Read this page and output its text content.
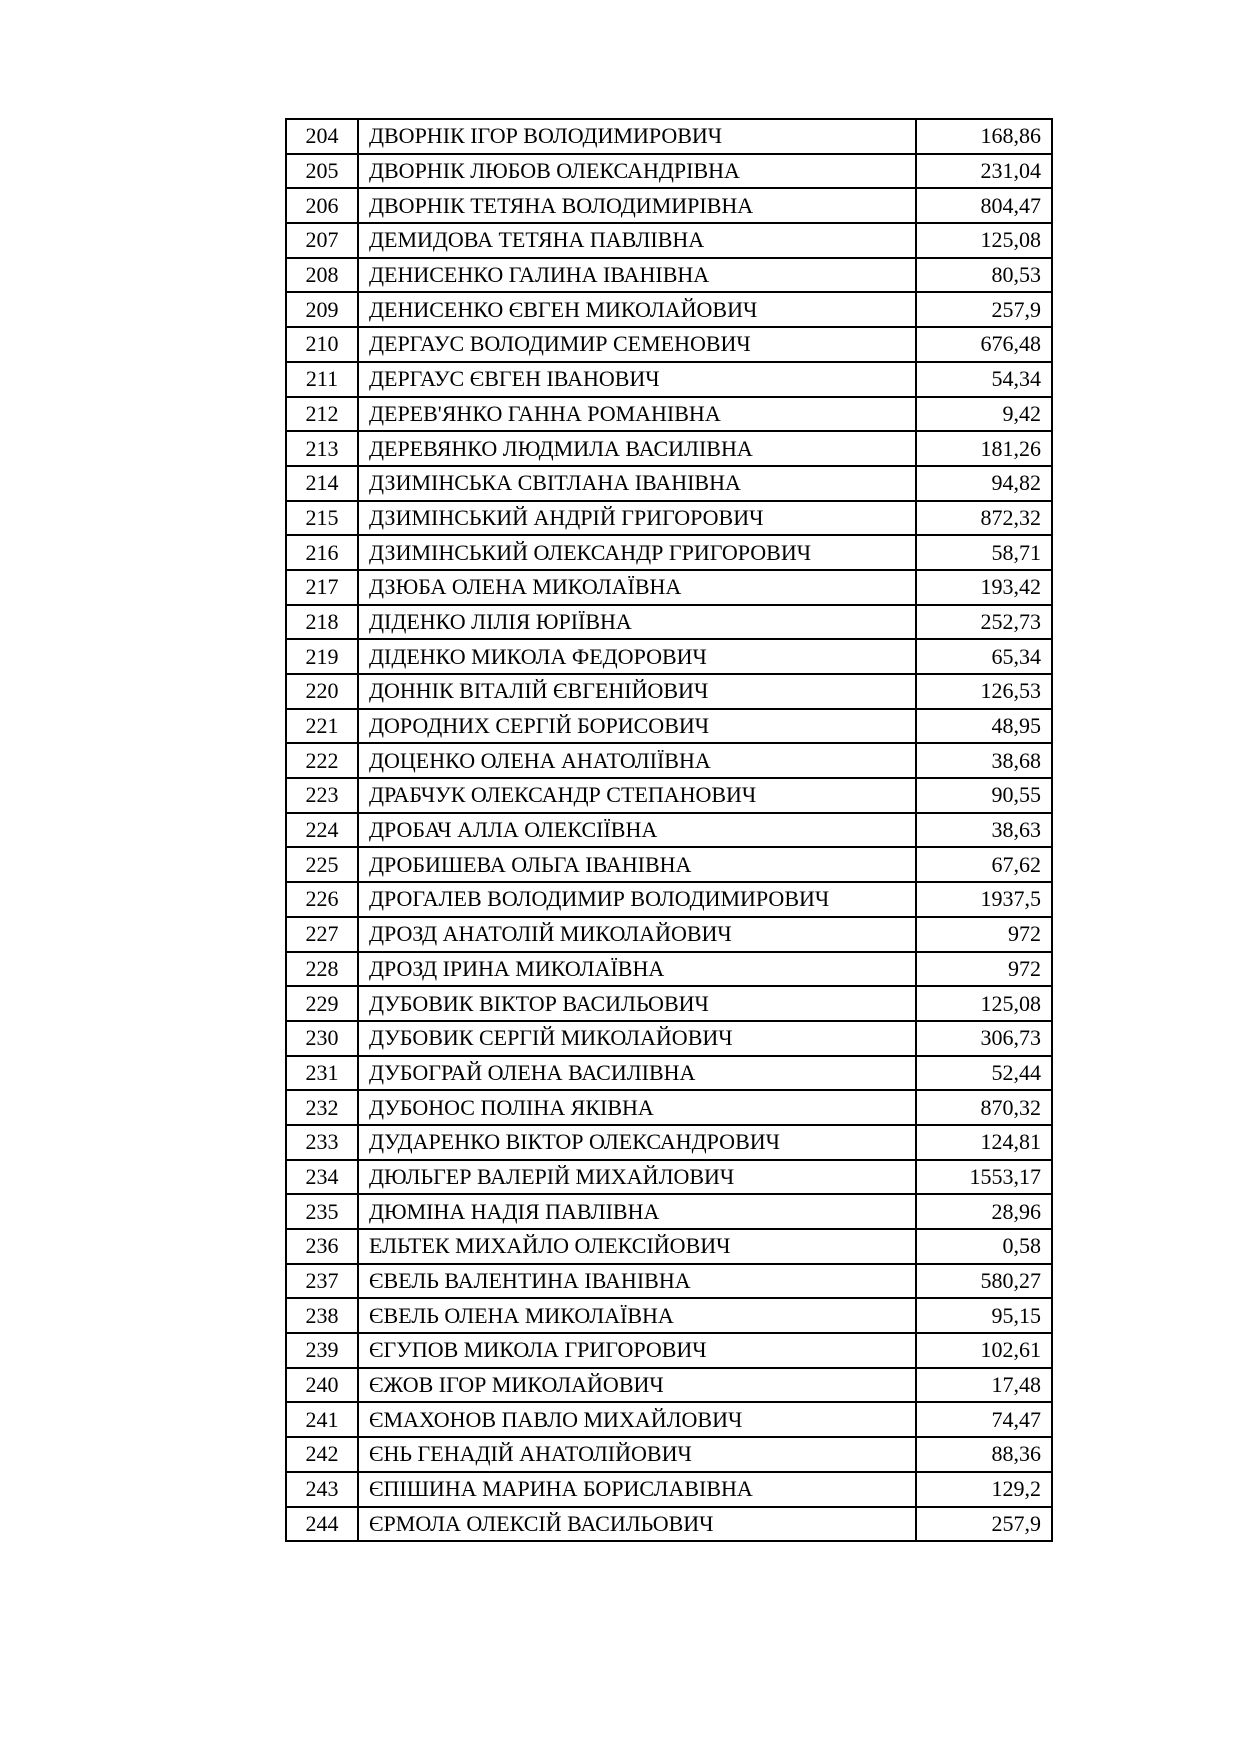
204	ДВОРНІК ІГОР ВОЛОДИМИРОВИЧ	168,86
205	ДВОРНІК ЛЮБОВ ОЛЕКСАНДРІВНА	231,04
206	ДВОРНІК ТЕТЯНА ВОЛОДИМИРІВНА	804,47
207	ДЕМИДОВА ТЕТЯНА ПАВЛІВНА	125,08
208	ДЕНИСЕНКО ГАЛИНА ІВАНІВНА	80,53
209	ДЕНИСЕНКО ЄВГЕН МИКОЛАЙОВИЧ	257,9
210	ДЕРГАУС ВОЛОДИМИР СЕМЕНОВИЧ	676,48
211	ДЕРГАУС ЄВГЕН ІВАНОВИЧ	54,34
212	ДЕРЕВ'ЯНКО ГАННА РОМАНІВНА	9,42
213	ДЕРЕВЯНКО ЛЮДМИЛА ВАСИЛІВНА	181,26
214	ДЗИМІНСЬКА СВІТЛАНА ІВАНІВНА	94,82
215	ДЗИМІНСЬКИЙ АНДРІЙ ГРИГОРОВИЧ	872,32
216	ДЗИМІНСЬКИЙ ОЛЕКСАНДР ГРИГОРОВИЧ	58,71
217	ДЗЮБА ОЛЕНА МИКОЛАЇВНА	193,42
218	ДІДЕНКО ЛІЛІЯ ЮРІЇВНА	252,73
219	ДІДЕНКО МИКОЛА ФЕДОРОВИЧ	65,34
220	ДОННІК ВІТАЛІЙ ЄВГЕНІЙОВИЧ	126,53
221	ДОРОДНИХ СЕРГІЙ БОРИСОВИЧ	48,95
222	ДОЦЕНКО ОЛЕНА АНАТОЛІЇВНА	38,68
223	ДРАБЧУК ОЛЕКСАНДР СТЕПАНОВИЧ	90,55
224	ДРОБАЧ АЛЛА ОЛЕКСІЇВНА	38,63
225	ДРОБИШЕВА ОЛЬГА ІВАНІВНА	67,62
226	ДРОГАЛЕВ ВОЛОДИМИР ВОЛОДИМИРОВИЧ	1937,5
227	ДРОЗД АНАТОЛІЙ МИКОЛАЙОВИЧ	972
228	ДРОЗД ІРИНА МИКОЛАЇВНА	972
229	ДУБОВИК ВІКТОР ВАСИЛЬОВИЧ	125,08
230	ДУБОВИК СЕРГІЙ МИКОЛАЙОВИЧ	306,73
231	ДУБОГРАЙ ОЛЕНА ВАСИЛІВНА	52,44
232	ДУБОНОС ПОЛІНА ЯКІВНА	870,32
233	ДУДАРЕНКО ВІКТОР ОЛЕКСАНДРОВИЧ	124,81
234	ДЮЛЬГЕР ВАЛЕРІЙ МИХАЙЛОВИЧ	1553,17
235	ДЮМІНА НАДІЯ ПАВЛІВНА	28,96
236	ЕЛЬТЕК МИХАЙЛО ОЛЕКСІЙОВИЧ	0,58
237	ЄВЕЛЬ ВАЛЕНТИНА ІВАНІВНА	580,27
238	ЄВЕЛЬ ОЛЕНА МИКОЛАЇВНА	95,15
239	ЄГУПОВ МИКОЛА ГРИГОРОВИЧ	102,61
240	ЄЖОВ ІГОР МИКОЛАЙОВИЧ	17,48
241	ЄМАХОНОВ ПАВЛО МИХАЙЛОВИЧ	74,47
242	ЄНЬ ГЕНАДІЙ АНАТОЛІЙОВИЧ	88,36
243	ЄПІШИНА МАРИНА БОРИСЛАВІВНА	129,2
244	ЄРМОЛА ОЛЕКСІЙ ВАСИЛЬОВИЧ	257,9
